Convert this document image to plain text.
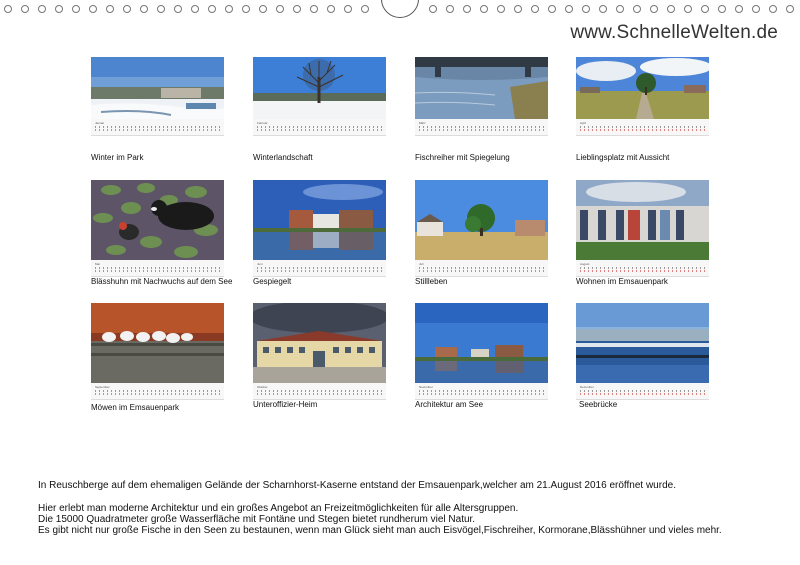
www.SchnelleWelten.de
Januar
Winter im Park
Februar
Winterlandschaft
März
Fischreiher mit Spiegelung
April
Lieblingsplatz mit Aussicht
Mai
Blässhuhn mit Nachwuchs auf dem See
Juni
Gespiegelt
Juli
Stillleben
August
Wohnen im Emsauenpark
September
Möwen im Emsauenpark
Oktober
Unteroffizier-Heim
November
Architektur am See
Dezember
Seebrücke
In Reuschberge auf dem ehemaligen Gelände der Scharnhorst-Kaserne entstand der Emsauenpark,welcher am 21.August 2016 eröffnet wurde.
Hier erlebt man moderne Architektur und ein großes Angebot an Freizeitmöglichkeiten für alle Altersgruppen.
Die 15000 Quadratmeter große Wasserfläche mit Fontäne und Stegen bietet rundherum viel Natur.
Es gibt nicht nur große Fische in den Seen zu bestaunen, wenn man Glück sieht man auch Eisvögel,Fischreiher, Kormorane,Blässhühner und vieles mehr.
